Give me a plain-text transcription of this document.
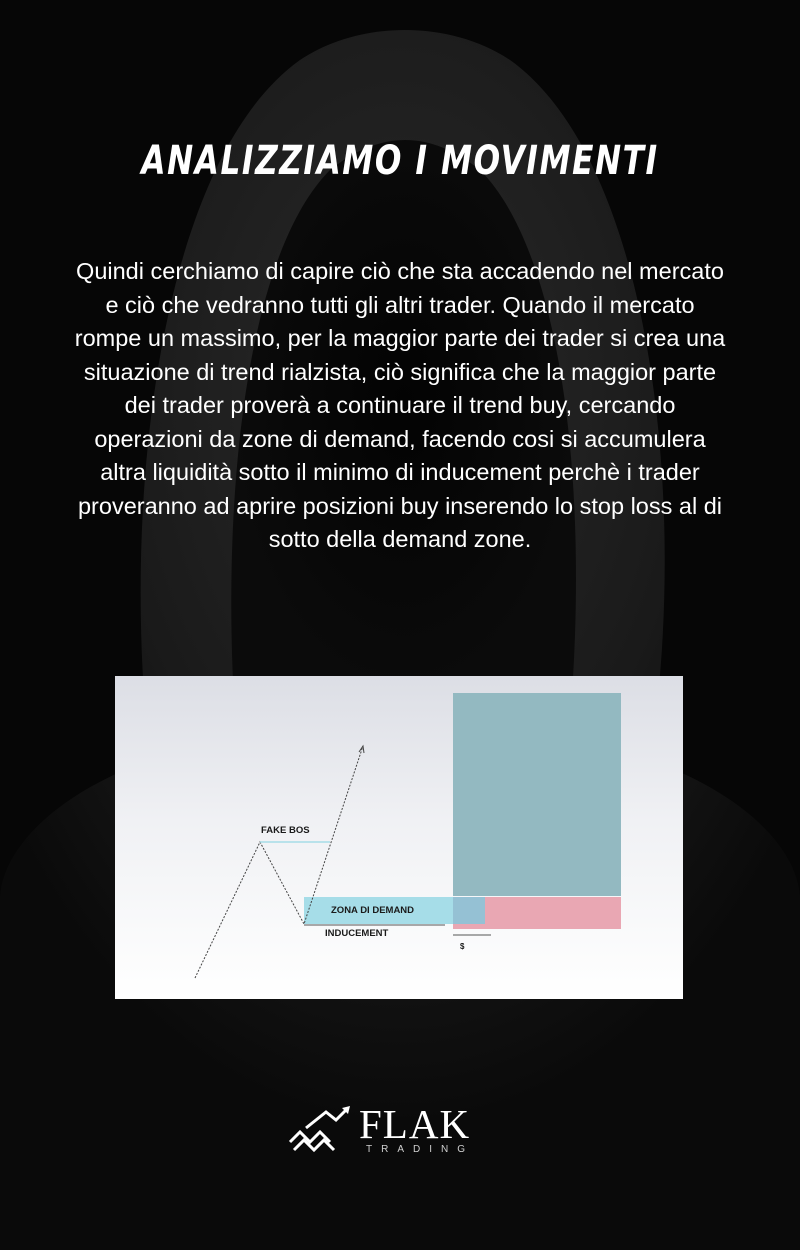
ANALIZZIAMO I MOVIMENTI
Quindi cerchiamo di capire ciò che sta accadendo nel mercato e ciò che vedranno tutti gli altri trader. Quando il mercato rompe un massimo, per la maggior parte dei trader si crea una situazione di trend rialzista, ciò significa che la maggior parte dei trader proverà a continuare il trend buy, cercando operazioni da zone di demand, facendo cosi si accumulera altra liquidità sotto il minimo di inducement perchè i trader proveranno ad aprire posizioni buy inserendo lo stop loss al di sotto della demand zone.
FAKE BOS
ZONA DI DEMAND
INDUCEMENT
$
FLAK
TRADING
